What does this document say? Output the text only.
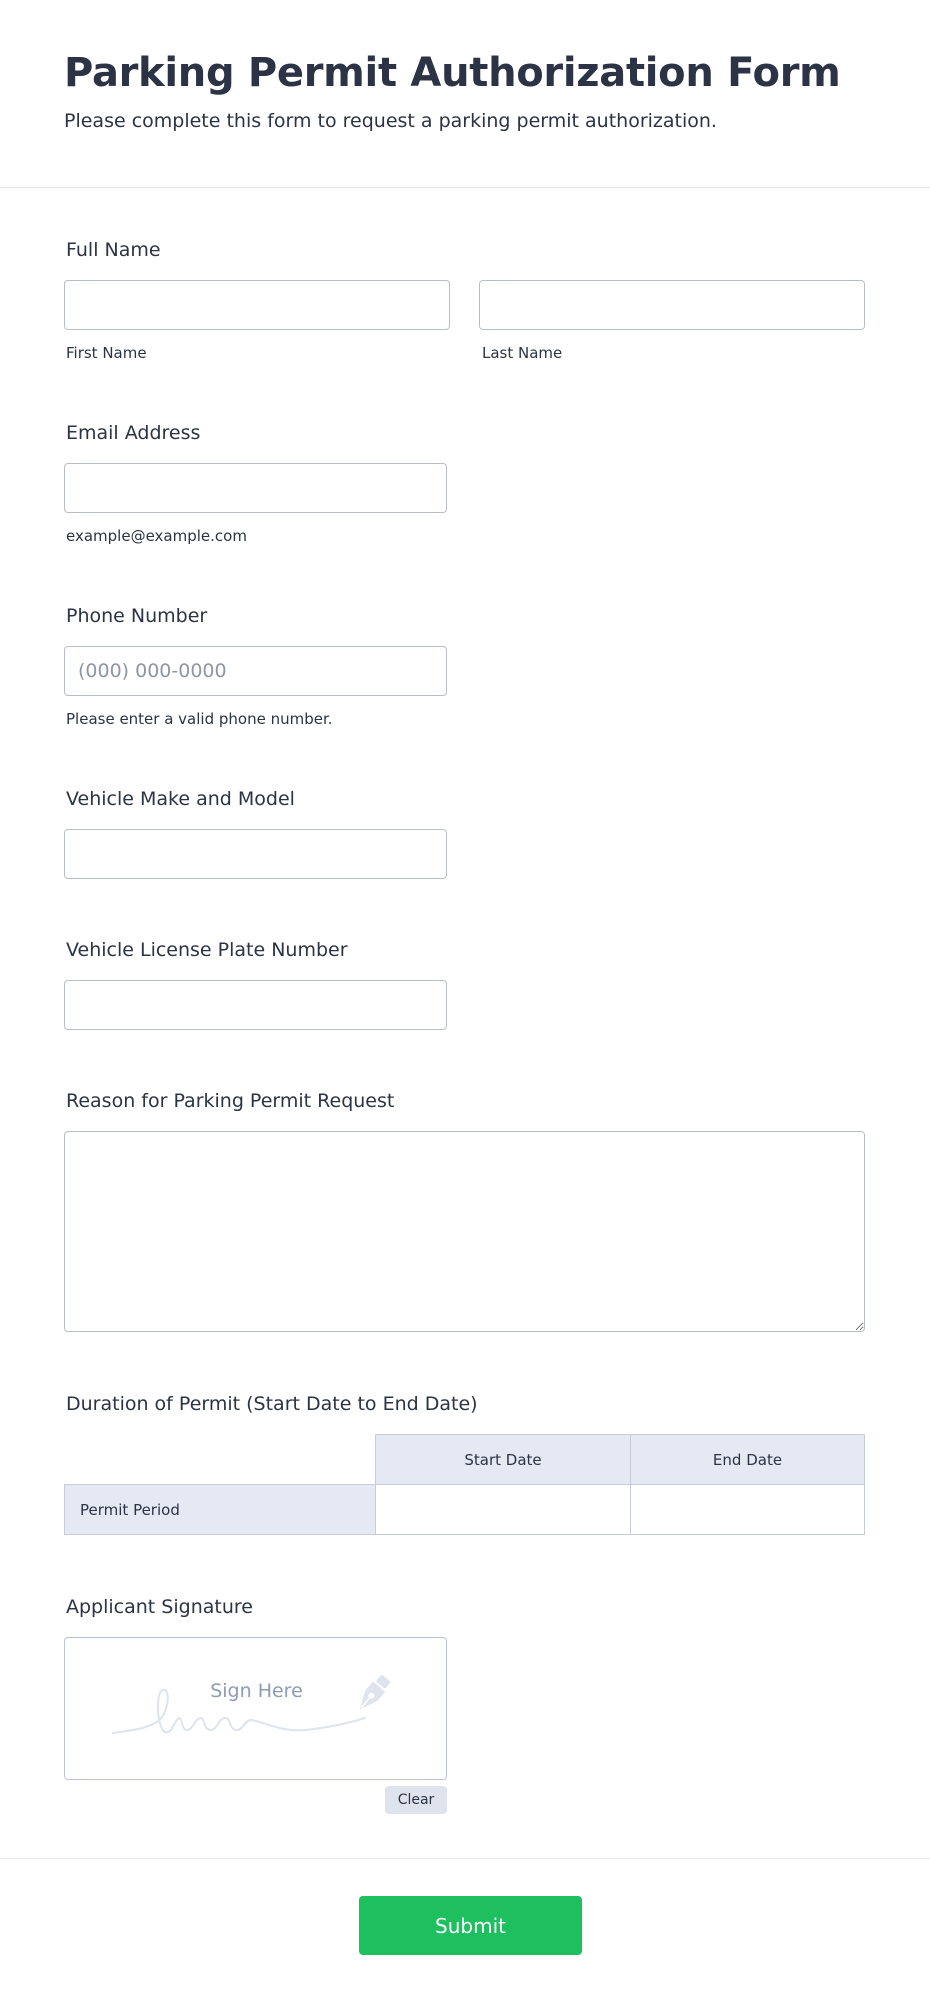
Parking Permit Authorization Form
Please complete this form to request a parking permit authorization.
Full Name
First Name	Last Name
Email Address
example@example.com
Phone Number
(000) 000-0000
Please enter a valid phone number.
Vehicle Make and Model
Vehicle License Plate Number
Reason for Parking Permit Request
Duration of Permit (Start Date to End Date)
Start Date	End Date
Permit Period
Applicant Signature
Sign Here
Clear
Submit
